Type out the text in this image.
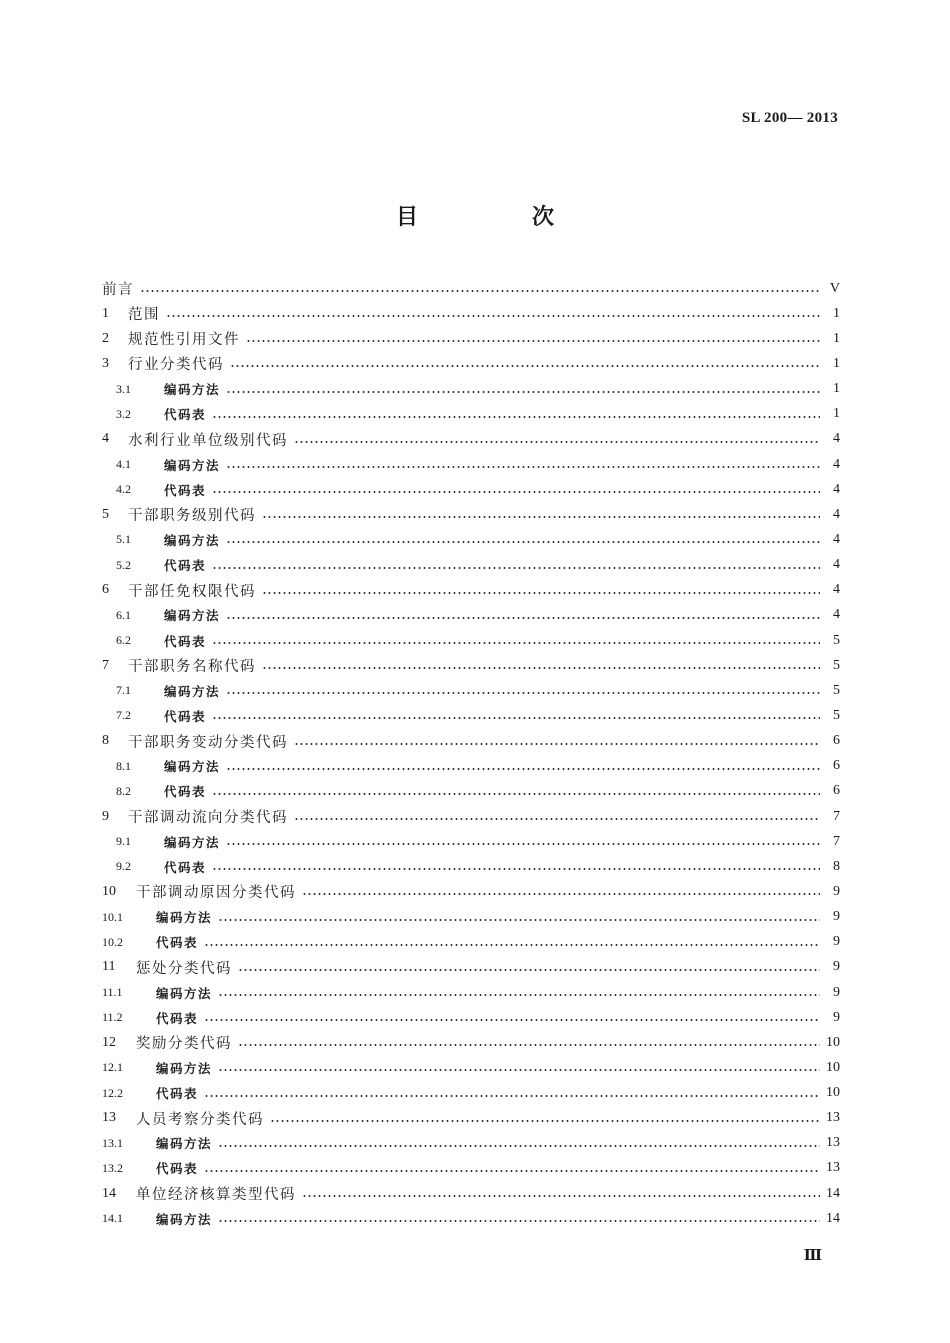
SL 200— 2013
目　次
前言	V
1	范围	1
2	规范性引用文件	1
3	行业分类代码	1
3.1	编码方法	1
3.2	代码表	1
4	水利行业单位级别代码	4
4.1	编码方法	4
4.2	代码表	4
5	干部职务级别代码	4
5.1	编码方法	4
5.2	代码表	4
6	干部任免权限代码	4
6.1	编码方法	4
6.2	代码表	5
7	干部职务名称代码	5
7.1	编码方法	5
7.2	代码表	5
8	干部职务变动分类代码	6
8.1	编码方法	6
8.2	代码表	6
9	干部调动流向分类代码	7
9.1	编码方法	7
9.2	代码表	8
10	干部调动原因分类代码	9
10.1	编码方法	9
10.2	代码表	9
11	惩处分类代码	9
11.1	编码方法	9
11.2	代码表	9
12	奖励分类代码	10
12.1	编码方法	10
12.2	代码表	10
13	人员考察分类代码	13
13.1	编码方法	13
13.2	代码表	13
14	单位经济核算类型代码	14
14.1	编码方法	14
Ⅲ
